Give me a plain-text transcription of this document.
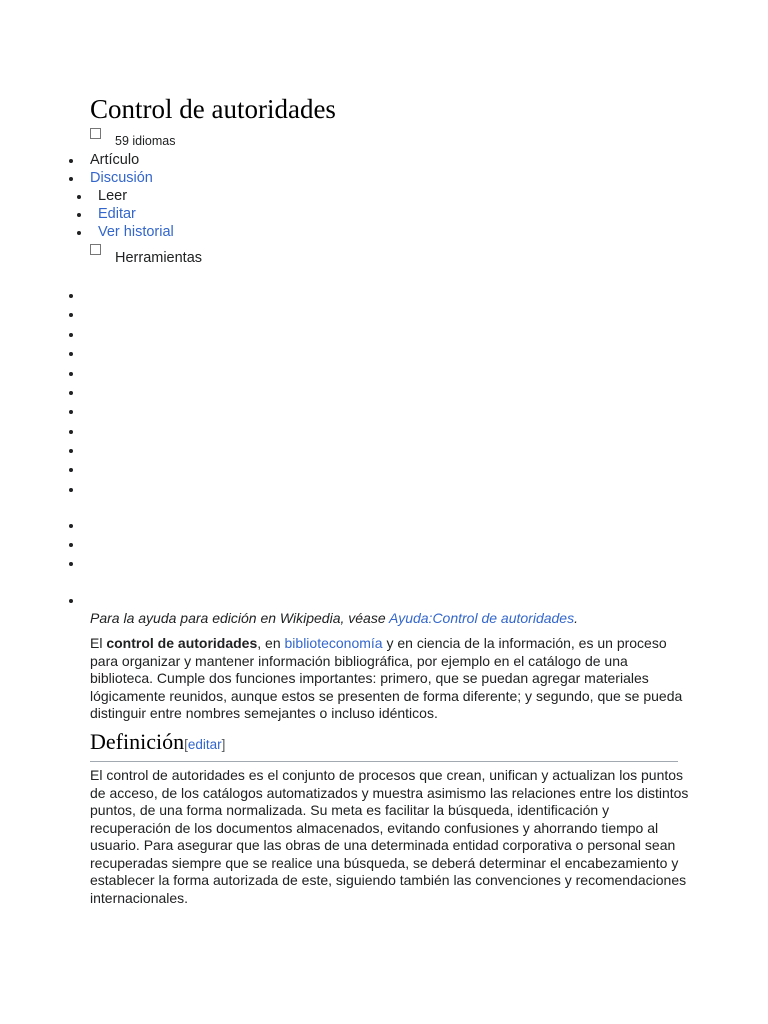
Control de autoridades
59 idiomas
Artículo
Discusión
Leer
Editar
Ver historial
Herramientas

Para la ayuda para edición en Wikipedia, véase Ayuda:Control de autoridades.

El control de autoridades, en biblioteconomía y en ciencia de la información, es un proceso para organizar y mantener información bibliográfica, por ejemplo en el catálogo de una biblioteca. Cumple dos funciones importantes: primero, que se puedan agregar materiales lógicamente reunidos, aunque estos se presenten de forma diferente; y segundo, que se pueda distinguir entre nombres semejantes o incluso idénticos.

Definición[editar]

El control de autoridades es el conjunto de procesos que crean, unifican y actualizan los puntos de acceso, de los catálogos automatizados y muestra asimismo las relaciones entre los distintos puntos, de una forma normalizada. Su meta es facilitar la búsqueda, identificación y recuperación de los documentos almacenados, evitando confusiones y ahorrando tiempo al usuario. Para asegurar que las obras de una determinada entidad corporativa o personal sean recuperadas siempre que se realice una búsqueda, se deberá determinar el encabezamiento y establecer la forma autorizada de este, siguiendo también las convenciones y recomendaciones internacionales.
